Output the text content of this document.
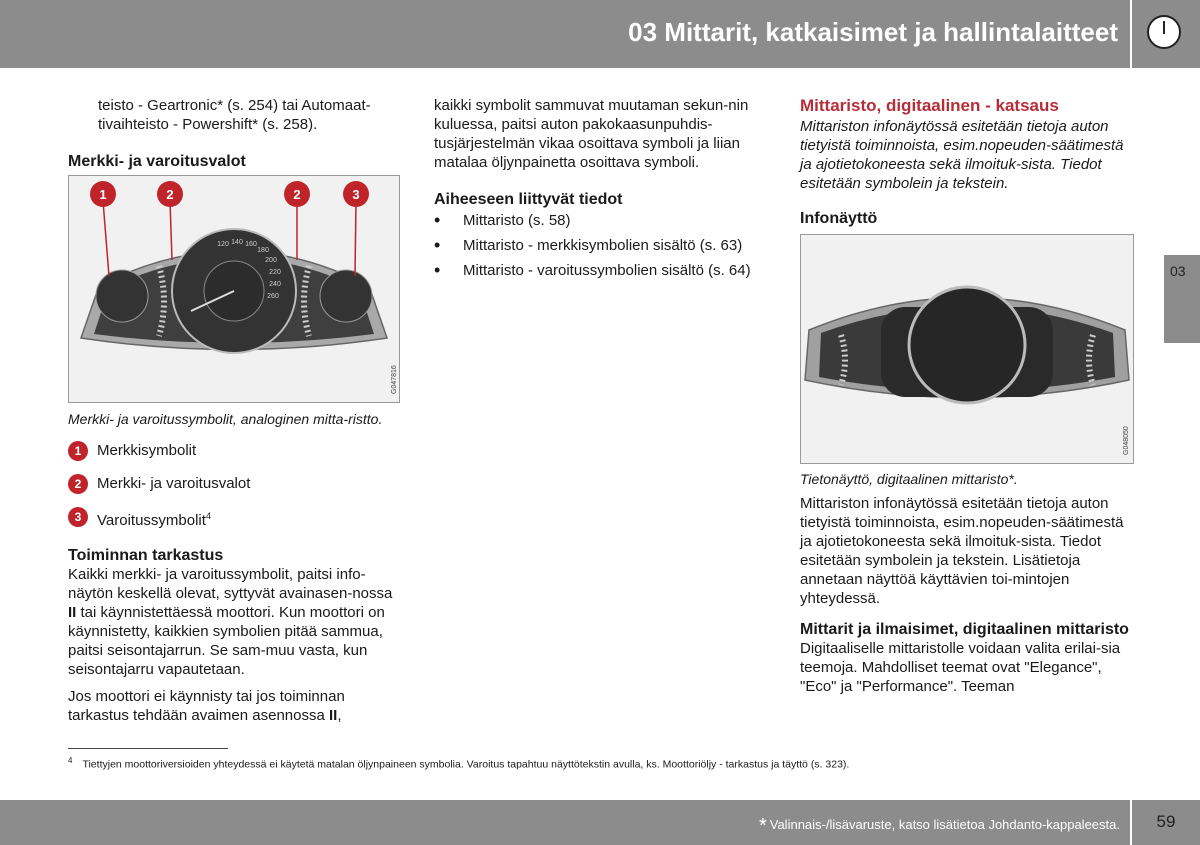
03 Mittarit, katkaisimet ja hallintalaitteet
03

teisto - Geartronic* (s. 254) tai Automaat-

tivaihteisto - Powershift* (s. 258).

Merkki- ja varoitusvalot
1	2	2	3
120 140 160
180
200
220
240
260
G047816

Merkki- ja varoitussymbolit, analoginen mitta-ristto.

1	Merkkisymbolit
2	Merkki- ja varoitusvalot
3	Varoitussymbolit$^4$
Toiminnan tarkastus

Kaikki merkki- ja varoitussymbolit, paitsi info-näytön keskellä olevat, syttyvät avainasen-nossa II tai käynnistettäessä moottori. Kun moottori on käynnistetty, kaikkien symbolien pitää sammua, paitsi seisontajarrun. Se sam-muu vasta, kun seisontajarru vapautetaan.

Jos moottori ei käynnisty tai jos toiminnan tarkastus tehdään avaimen asennossa II,

kaikki symbolit sammuvat muutaman sekun-nin kuluessa, paitsi auton pakokaasunpuhdis-tusjärjestelmän vikaa osoittava symboli ja liian matalaa öljynpainetta osoittava symboli.

Aiheeseen liittyvät tiedot
• Mittaristo (s. 58)
• Mittaristo - merkkisymbolien sisältö (s. 63)
• Mittaristo - varoitussymbolien sisältö (s. 64)
Mittaristo, digitaalinen - katsaus

Mittariston infonäytössä esitetään tietoja auton tietyistä toiminnoista, esim.nopeuden-säätimestä ja ajotietokoneesta sekä ilmoituk-sista. Tiedot esitetään symbolein ja tekstein.

Infonäyttö
G048050

Tietonäyttö, digitaalinen mittaristo*.

Mittariston infonäytössä esitetään tietoja auton tietyistä toiminnoista, esim.nopeuden-säätimestä ja ajotietokoneesta sekä ilmoituk-sista. Tiedot esitetään symbolein ja tekstein. Lisätietoja annetaan näyttöä käyttävien toi-mintojen yhteydessä.

Mittarit ja ilmaisimet, digitaalinen mittaristo

Digitaaliselle mittaristolle voidaan valita erilai-sia teemoja. Mahdolliset teemat ovat "Elegance", "Eco" ja "Performance". Teeman

$^4$ Tiettyjen moottoriversioiden yhteydessä ei käytetä matalan öljynpaineen symbolia. Varoitus tapahtuu näyttötekstin avulla, ks. Moottoriöljy - tarkastus ja täyttö (s. 323).
* Valinnais-/lisävaruste, katso lisätietoa Johdanto-kappaleesta.	59
